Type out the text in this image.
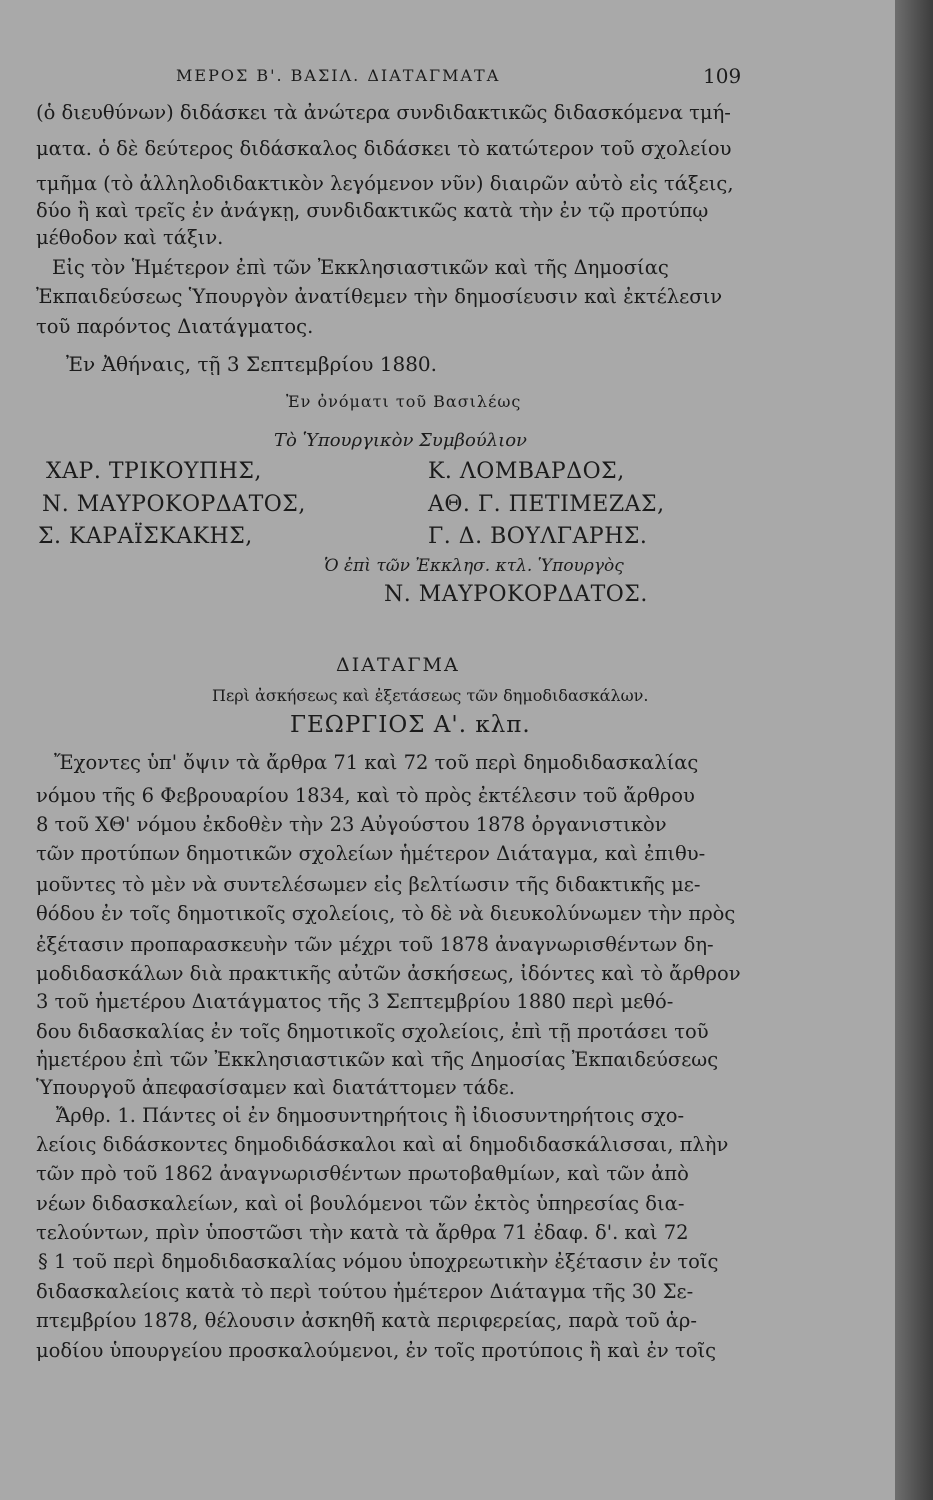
ΜΕΡΟΣ Β'. ΒΑΣΙΛ. ΔΙΑΤΑΓΜΑΤΑ	109
(ὁ διευθύνων) διδάσκει τὰ ἀνώτερα συνδιδακτικῶς διδασκόμενα τμή-
ματα. ὁ δὲ δεύτερος διδάσκαλος διδάσκει τὸ κατώτερον τοῦ σχολείου
τμῆμα (τὸ ἀλληλοδιδακτικὸν λεγόμενον νῦν) διαιρῶν αὐτὸ εἰς τάξεις,
δύο ἢ καὶ τρεῖς ἐν ἀνάγκῃ, συνδιδακτικῶς κατὰ τὴν ἐν τῷ προτύπῳ
μέθοδον καὶ τάξιν.
Εἰς τὸν Ἡμέτερον ἐπὶ τῶν Ἐκκλησιαστικῶν καὶ τῆς Δημοσίας
Ἐκπαιδεύσεως Ὑπουργὸν ἀνατίθεμεν τὴν δημοσίευσιν καὶ ἐκτέλεσιν
τοῦ παρόντος Διατάγματος.
Ἐν Ἀθήναις, τῇ 3 Σεπτεμβρίου 1880.
Ἐν ὀνόματι τοῦ Βασιλέως
Τὸ Ὑπουργικὸν Συμβούλιον
ΧΑΡ. ΤΡΙΚΟΥΠΗΣ,
Ν. ΜΑΥΡΟΚΟΡΔΑΤΟΣ,
Σ. ΚΑΡΑΪΣΚΑΚΗΣ,
Κ. ΛΟΜΒΑΡΔΟΣ,
ΑΘ. Γ. ΠΕΤΙΜΕΖΑΣ,
Γ. Δ. ΒΟΥΛΓΑΡΗΣ.
Ὁ ἐπὶ τῶν Ἐκκλησ. κτλ. Ὑπουργὸς
Ν. ΜΑΥΡΟΚΟΡΔΑΤΟΣ.
ΔΙΑΤΑΓΜΑ
Περὶ ἀσκήσεως καὶ ἐξετάσεως τῶν δημοδιδασκάλων.
ΓΕΩΡΓΙΟΣ Α'. κλπ.
Ἔχοντες ὑπ' ὄψιν τὰ ἄρθρα 71 καὶ 72 τοῦ περὶ δημοδιδασκαλίας
νόμου τῆς 6 Φεβρουαρίου 1834, καὶ τὸ πρὸς ἐκτέλεσιν τοῦ ἄρθρου
8 τοῦ ΧΘ' νόμου ἐκδοθὲν τὴν 23 Αὐγούστου 1878 ὀργανιστικὸν
τῶν προτύπων δημοτικῶν σχολείων ἡμέτερον Διάταγμα, καὶ ἐπιθυ-
μοῦντες τὸ μὲν νὰ συντελέσωμεν εἰς βελτίωσιν τῆς διδακτικῆς με-
θόδου ἐν τοῖς δημοτικοῖς σχολείοις, τὸ δὲ νὰ διευκολύνωμεν τὴν πρὸς
ἐξέτασιν προπαρασκευὴν τῶν μέχρι τοῦ 1878 ἀναγνωρισθέντων δη-
μοδιδασκάλων διὰ πρακτικῆς αὐτῶν ἀσκήσεως, ἰδόντες καὶ τὸ ἄρθρον
3 τοῦ ἡμετέρου Διατάγματος τῆς 3 Σεπτεμβρίου 1880 περὶ μεθό-
δου διδασκαλίας ἐν τοῖς δημοτικοῖς σχολείοις, ἐπὶ τῇ προτάσει τοῦ
ἡμετέρου ἐπὶ τῶν Ἐκκλησιαστικῶν καὶ τῆς Δημοσίας Ἐκπαιδεύσεως
Ὑπουργοῦ ἀπεφασίσαμεν καὶ διατάττομεν τάδε.
Ἄρθρ. 1. Πάντες οἱ ἐν δημοσυντηρήτοις ἢ ἰδιοσυντηρήτοις σχο-
λείοις διδάσκοντες δημοδιδάσκαλοι καὶ αἱ δημοδιδασκάλισσαι, πλὴν
τῶν πρὸ τοῦ 1862 ἀναγνωρισθέντων πρωτοβαθμίων, καὶ τῶν ἀπὸ
νέων διδασκαλείων, καὶ οἱ βουλόμενοι τῶν ἐκτὸς ὑπηρεσίας δια-
τελούντων, πρὶν ὑποστῶσι τὴν κατὰ τὰ ἄρθρα 71 ἐδαφ. δ'. καὶ 72
§ 1 τοῦ περὶ δημοδιδασκαλίας νόμου ὑποχρεωτικὴν ἐξέτασιν ἐν τοῖς
διδασκαλείοις κατὰ τὸ περὶ τούτου ἡμέτερον Διάταγμα τῆς 30 Σε-
πτεμβρίου 1878, θέλουσιν ἀσκηθῆ κατὰ περιφερείας, παρὰ τοῦ ἁρ-
μοδίου ὑπουργείου προσκαλούμενοι, ἐν τοῖς προτύποις ἢ καὶ ἐν τοῖς
